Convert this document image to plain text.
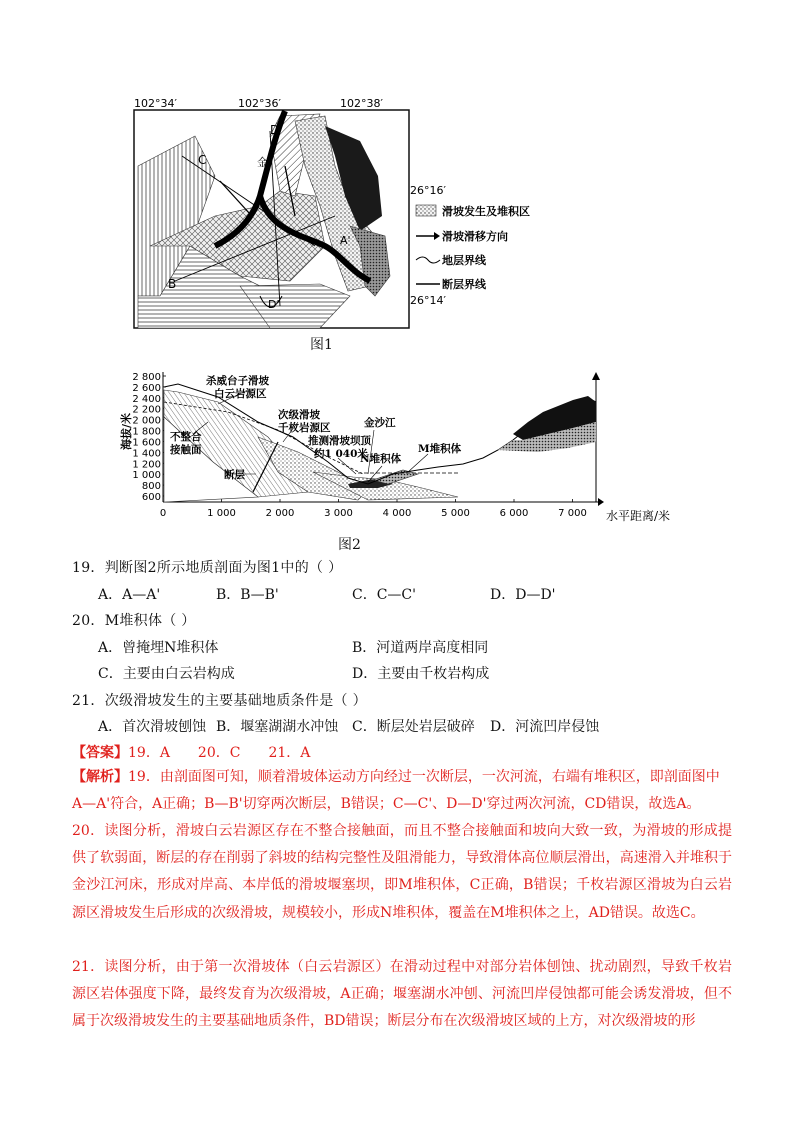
D
C	金
A'
B
D'
102°34′	102°36′	102°38′
26°16′
26°14′
滑坡发生及堆积区
滑坡滑移方向
地层界线
断层界线
图1
2 800
2 600
2 400
2 200
2 000
1 800
1 600
1 400
1 200
1 000
800
600
0	1 000	2 000	3 000	4 000	5 000	6 000	7 000
海拔/米
杀威台子滑坡
白云岩源区
次级滑坡
千枚岩源区
推测滑坡坝顶
约1 040米
金沙江
N堆积体
M堆积体
不整合
接触面
断层
水平距离/米
图2
19．判断图2所示地质剖面为图1中的（ ）
A．A—A'	B．B—B'	C．C—C'	D．D—D'
20．M堆积体（ ）
A．曾掩埋N堆积体	B．河道两岸高度相同
C．主要由白云岩构成	D．主要由千枚岩构成
21．次级滑坡发生的主要基础地质条件是（ ）
A．首次滑坡刨蚀 B．堰塞湖湖水冲蚀 C．断层处岩层破碎 D．河流凹岸侵蚀
【答案】19．A　　20．C　　21．A
【解析】19．由剖面图可知，顺着滑坡体运动方向经过一次断层，一次河流，右端有堆积区，即剖面图中
A—A'符合，A正确；B—B'切穿两次断层，B错误；C—C'、D—D'穿过两次河流，CD错误，故选A。
20．读图分析，滑坡白云岩源区存在不整合接触面，而且不整合接触面和坡向大致一致，为滑坡的形成提供了软弱面，断层的存在削弱了斜坡的结构完整性及阻滑能力，导致滑体高位顺层滑出，高速滑入并堆积于金沙江河床，形成对岸高、本岸低的滑坡堰塞坝，即M堆积体，C正确，B错误；千枚岩源区滑坡为白云岩源区滑坡发生后形成的次级滑坡，规模较小，形成N堆积体，覆盖在M堆积体之上，AD错误。故选C。
21．读图分析，由于第一次滑坡体（白云岩源区）在滑动过程中对部分岩体刨蚀、扰动剧烈，导致千枚岩源区岩体强度下降，最终发育为次级滑坡，A正确；堰塞湖水冲刨、河流凹岸侵蚀都可能会诱发滑坡，但不属于次级滑坡发生的主要基础地质条件，BD错误；断层分布在次级滑坡区域的上方，对次级滑坡的形
